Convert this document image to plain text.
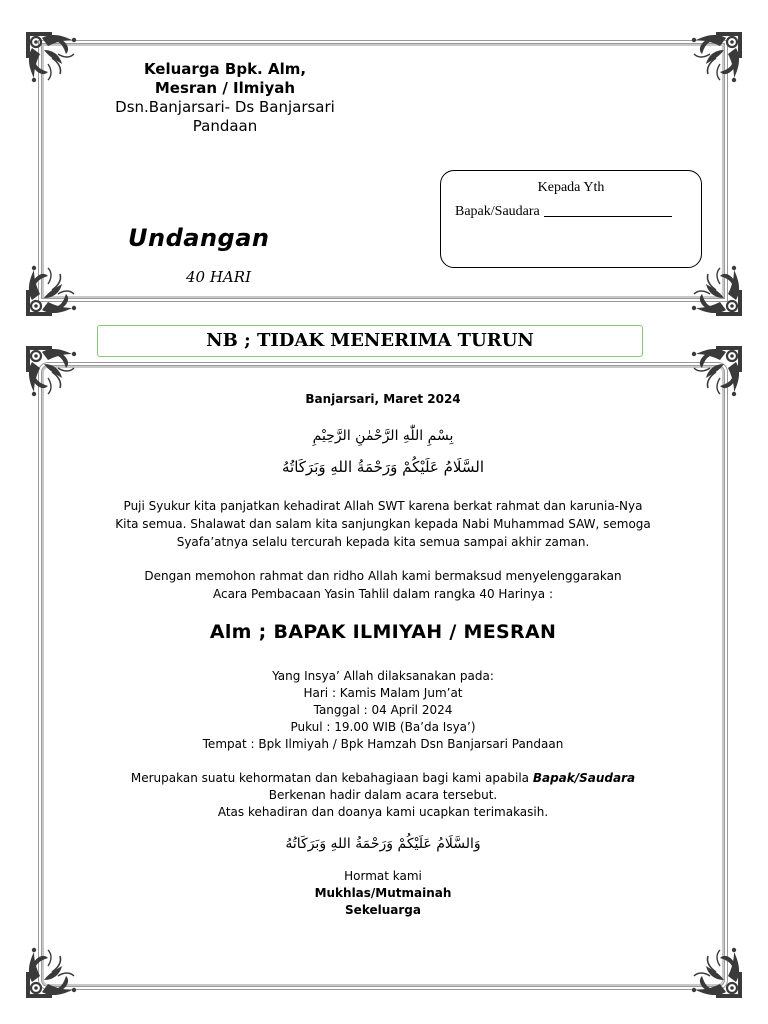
Keluarga Bpk. Alm,
Mesran / Ilmiyah
Dsn.Banjarsari- Ds Banjarsari
Pandaan
Undangan
40 HARI
Kepada Yth
Bapak/Saudara
NB ; TIDAK MENERIMA TURUN
Banjarsari, Maret 2024
بِسْمِ اللّٰهِ الرَّحْمٰنِ الرَّحِيْمِ
السَّلَامُ عَلَيْكُمْ وَرَحْمَةُ اللهِ وَبَرَكَاتُهُ
Puji Syukur kita panjatkan kehadirat Allah SWT karena berkat rahmat dan karunia-Nya
Kita semua. Shalawat dan salam kita sanjungkan kepada Nabi Muhammad SAW, semoga
Syafa’atnya selalu tercurah kepada kita semua sampai akhir zaman.
Dengan memohon rahmat dan ridho Allah kami bermaksud menyelenggarakan
Acara Pembacaan Yasin Tahlil dalam rangka 40 Harinya :
Alm ; BAPAK ILMIYAH / MESRAN
Yang Insya’ Allah dilaksanakan pada:
Hari : Kamis Malam Jum’at
Tanggal : 04 April 2024
Pukul : 19.00 WIB (Ba’da Isya’)
Tempat : Bpk Ilmiyah / Bpk Hamzah Dsn Banjarsari Pandaan
Merupakan suatu kehormatan dan kebahagiaan bagi kami apabila Bapak/Saudara
Berkenan hadir dalam acara tersebut.
Atas kehadiran dan doanya kami ucapkan terimakasih.
وَالسَّلَامُ عَلَيْكُمْ وَرَحْمَةُ اللهِ وَبَرَكَاتُهُ
Hormat kami
Mukhlas/Mutmainah
Sekeluarga
